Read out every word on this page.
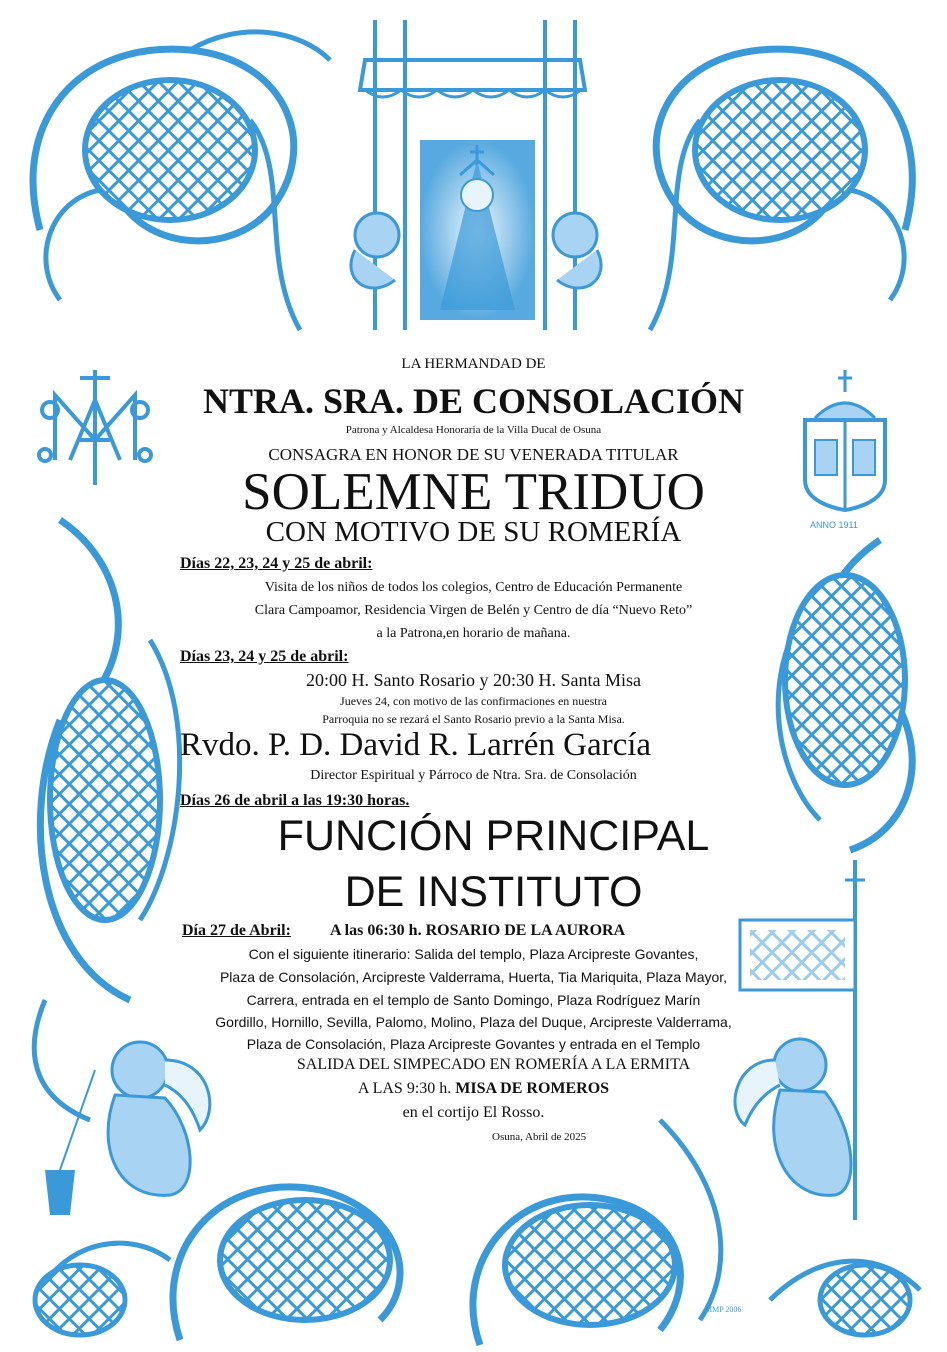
MMP 2006
ANNO 1911
LA HERMANDAD DE
NTRA. SRA. DE CONSOLACIÓN
Patrona y Alcaldesa Honoraria de la Villa Ducal de Osuna
CONSAGRA EN HONOR DE SU VENERADA TITULAR
SOLEMNE TRIDUO
CON MOTIVO DE SU ROMERÍA
Días 22, 23, 24 y 25 de abril:
Visita de los niños de todos los colegios, Centro de Educación Permanente
Clara Campoamor, Residencia Virgen de Belén y Centro de día “Nuevo Reto”
a la Patrona,en horario de mañana.
Días 23, 24 y 25 de abril:
20:00 H. Santo Rosario y 20:30 H. Santa Misa
Jueves 24, con motivo de las confirmaciones en nuestra
Parroquia no se rezará el Santo Rosario previo a la Santa Misa.
Rvdo. P. D. David R. Larrén García
Director Espiritual y Párroco de Ntra. Sra. de Consolación
Días 26 de abril a las 19:30 horas.
FUNCIÓN PRINCIPAL
DE INSTITUTO
Día 27 de Abril: A las 06:30 h. ROSARIO DE LA AURORA
Con el siguiente itinerario: Salida del templo, Plaza Arcipreste Govantes,
Plaza de Consolación, Arcipreste Valderrama, Huerta, Tia Mariquita, Plaza Mayor,
Carrera, entrada en el templo de Santo Domingo, Plaza Rodríguez Marín
Gordillo, Hornillo, Sevilla, Palomo, Molino, Plaza del Duque, Arcipreste Valderrama,
Plaza de Consolación, Plaza Arcipreste Govantes y entrada en el Templo
SALIDA DEL SIMPECADO EN ROMERÍA A LA ERMITA
A LAS 9:30 h. MISA DE ROMEROS
en el cortijo El Rosso.
Osuna, Abril de 2025
